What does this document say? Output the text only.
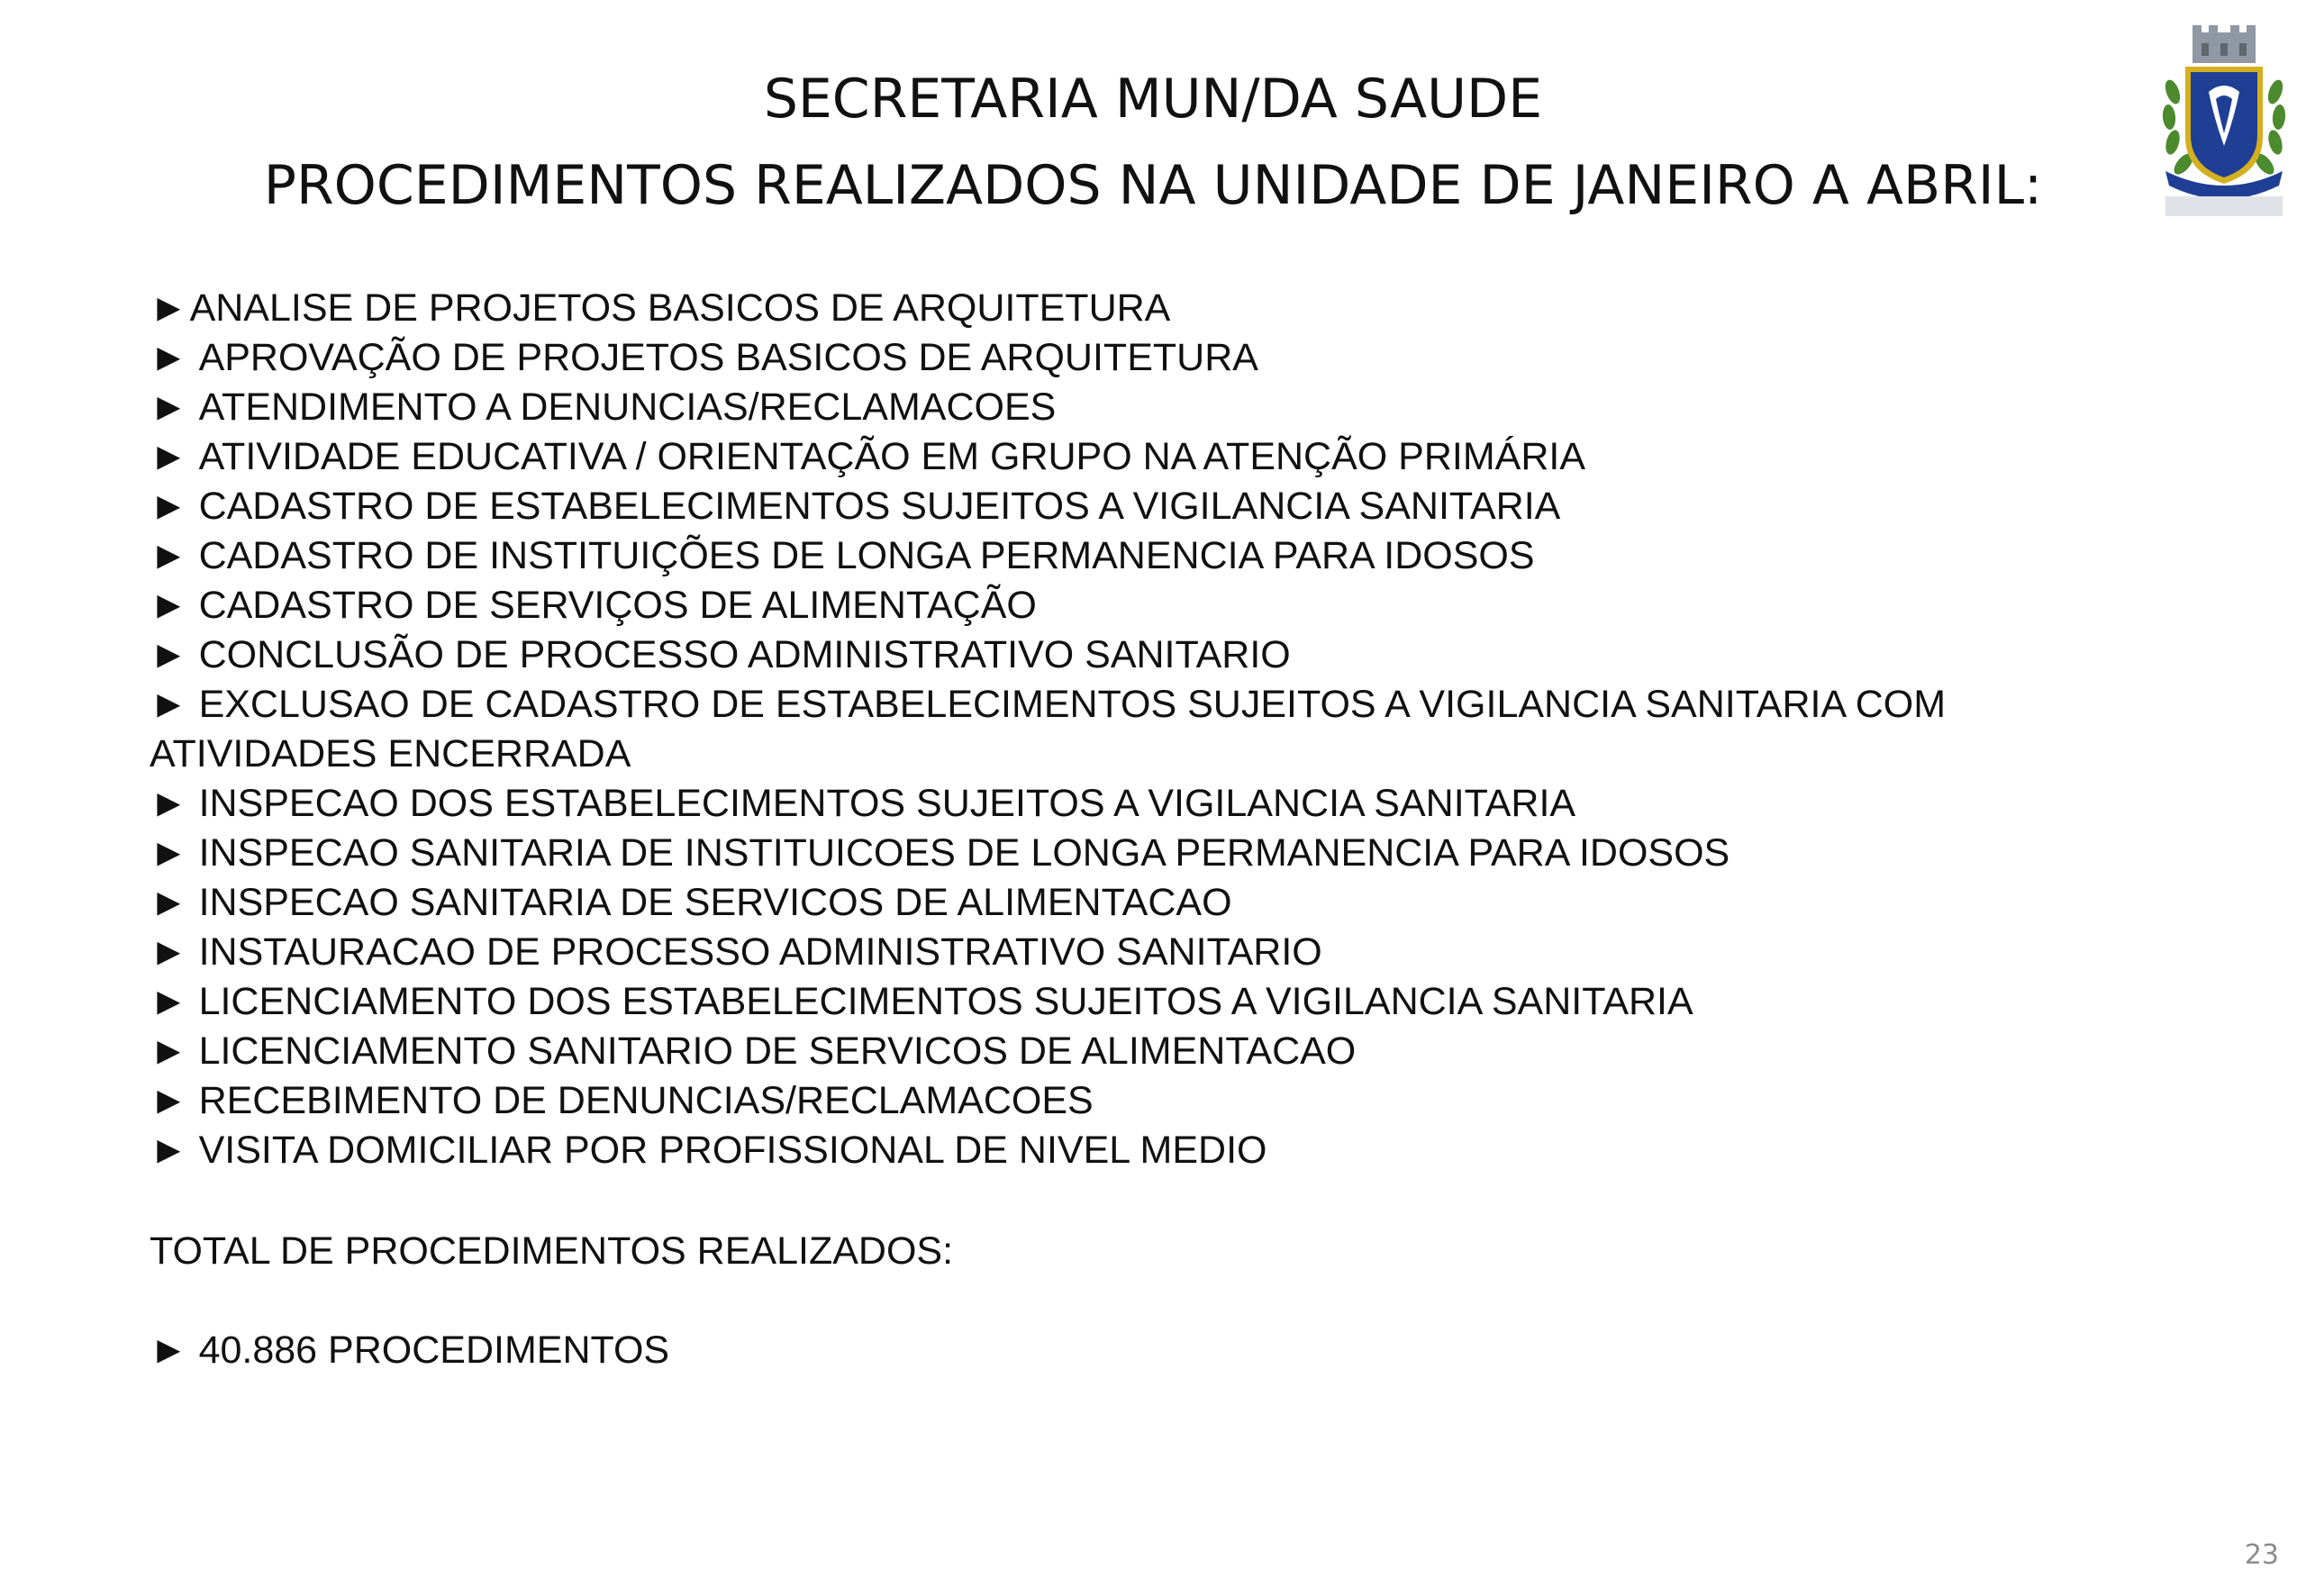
SECRETARIA MUN/DA SAUDE
PROCEDIMENTOS REALIZADOS NA UNIDADE DE JANEIRO A ABRIL:
►ANALISE DE PROJETOS BASICOS DE ARQUITETURA
► APROVAÇÃO DE PROJETOS BASICOS DE ARQUITETURA
► ATENDIMENTO A DENUNCIAS/RECLAMACOES
► ATIVIDADE EDUCATIVA / ORIENTAÇÃO EM GRUPO NA ATENÇÃO PRIMÁRIA
► CADASTRO DE ESTABELECIMENTOS SUJEITOS A VIGILANCIA SANITARIA
► CADASTRO DE INSTITUIÇÕES DE LONGA PERMANENCIA PARA IDOSOS
► CADASTRO DE SERVIÇOS DE ALIMENTAÇÃO
► CONCLUSÃO DE PROCESSO ADMINISTRATIVO SANITARIO
► EXCLUSAO DE CADASTRO DE ESTABELECIMENTOS SUJEITOS A VIGILANCIA SANITARIA COM ATIVIDADES ENCERRADA
► INSPECAO DOS ESTABELECIMENTOS SUJEITOS A VIGILANCIA SANITARIA
► INSPECAO SANITARIA DE INSTITUICOES DE LONGA PERMANENCIA PARA IDOSOS
► INSPECAO SANITARIA DE SERVICOS DE ALIMENTACAO
► INSTAURACAO DE PROCESSO ADMINISTRATIVO SANITARIO
► LICENCIAMENTO DOS ESTABELECIMENTOS SUJEITOS A VIGILANCIA SANITARIA
► LICENCIAMENTO SANITARIO DE SERVICOS DE ALIMENTACAO
► RECEBIMENTO DE DENUNCIAS/RECLAMACOES
► VISITA DOMICILIAR POR PROFISSIONAL DE NIVEL MEDIO
TOTAL DE PROCEDIMENTOS REALIZADOS:
► 40.886 PROCEDIMENTOS
23
